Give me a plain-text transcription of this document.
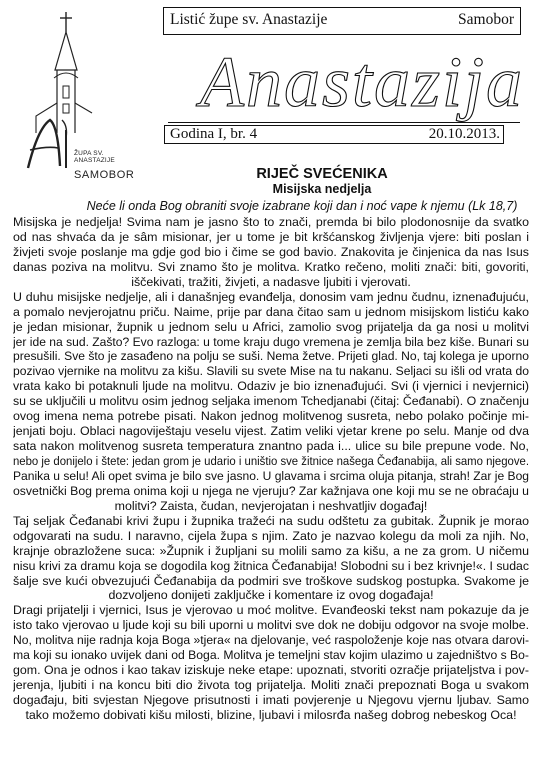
ŽUPA SV.
ANASTAZIJE
SAMOBOR
Listić župe sv. Anastazije	Samobor
Anastazija
Godina I, br. 4	20.10.2013.
RIJEČ SVEĆENIKA
Misijska nedjelja
Neće li onda Bog obraniti svoje izabrane koji dan i noć vape k njemu (Lk 18,7)
Misijska je nedjelja! Svima nam je jasno što to znači, premda bi bilo plodonosnije da svatko
od nas shvaća da je sâm misionar, jer u tome je bit kršćanskog življenja vjere: biti poslan i
živjeti svoje poslanje ma gdje god bio i čime se god bavio. Znakovita je činjenica da nas Isus
danas poziva na molitvu. Svi znamo što je molitva. Kratko rečeno, moliti znači: biti, govoriti,
iščekivati, tražiti, živjeti, a nadasve ljubiti i vjerovati.
U duhu misijske nedjelje, ali i današnjeg evanđelja, donosim vam jednu čudnu, iznenađujuću,
a pomalo nevjerojatnu priču. Naime, prije par dana čitao sam u jednom misijskom listiću kako
je jedan misionar, župnik u jednom selu u Africi, zamolio svog prijatelja da ga nosi u molitvi
jer ide na sud. Zašto? Evo razloga: u tome kraju dugo vremena je zemlja bila bez kiše. Bunari su
presušili. Sve što je zasađeno na polju se suši. Nema žetve. Prijeti glad. No, taj kolega je uporno
pozivao vjernike na molitvu za kišu. Slavili su svete Mise na tu nakanu. Seljaci su išli od vrata do
vrata kako bi potaknuli ljude na molitvu. Odaziv je bio iznenađujući. Svi (i vjernici i nevjernici)
su se uključili u molitvu osim jednog seljaka imenom Tchedjanabi (čitaj: Čeđanabi). O značenju
ovog imena nema potrebe pisati. Nakon jednog molitvenog susreta, nebo polako počinje mi-
jenjati boju. Oblaci nagoviještaju veselu vijest. Zatim veliki vjetar krene po selu. Manje od dva
sata nakon molitvenog susreta temperatura znantno pada i... ulice su bile prepune vode. No,
nebo je donijelo i štete: jedan grom je udario i uništio sve žitnice našega Čeđanabija, ali samo njegove.
Panika u selu! Ali opet svima je bilo sve jasno. U glavama i srcima oluja pitanja, strah! Zar je Bog
osvetnički Bog prema onima koji u njega ne vjeruju? Zar kažnjava one koji mu se ne obraćaju u
molitvi? Zaista, čudan, nevjerojatan i neshvatljiv događaj!
Taj seljak Čeđanabi krivi župu i župnika tražeći na sudu odštetu za gubitak. Župnik je morao
odgovarati na sudu. I naravno, cijela župa s njim. Zato je nazvao kolegu da moli za njih. No,
krajnje obrazložene suca: »Župnik i župljani su molili samo za kišu, a ne za grom. U ničemu
nisu krivi za dramu koja se dogodila kog žitnica Čeđanabija! Slobodni su i bez krivnje!«. I sudac
šalje sve kući obvezujući Čeđanabija da podmiri sve troškove sudskog postupka. Svakome je
dozvoljeno donijeti zaključke i komentare iz ovog događaja!
Dragi prijatelji i vjernici, Isus je vjerovao u moć molitve. Evanđeoski tekst nam pokazuje da je
isto tako vjerovao u ljude koji su bili uporni u molitvi sve dok ne dobiju odgovor na svoje molbe.
No, molitva nije radnja koja Boga »tjera« na djelovanje, već raspoloženje koje nas otvara darovi-
ma koji su ionako uvijek dani od Boga. Molitva je temeljni stav kojim ulazimo u zajedništvo s Bo-
gom. Ona je odnos i kao takav iziskuje neke etape: upoznati, stvoriti ozračje prijateljstva i pov-
jerenja, ljubiti i na koncu biti dio života tog prijatelja. Moliti znači prepoznati Boga u svakom
događaju, biti svjestan Njegove prisutnosti i imati povjerenje u Njegovu vjernu ljubav. Samo
tako možemo dobivati kišu milosti, blizine, ljubavi i milosrđa našeg dobrog nebeskog Oca!
